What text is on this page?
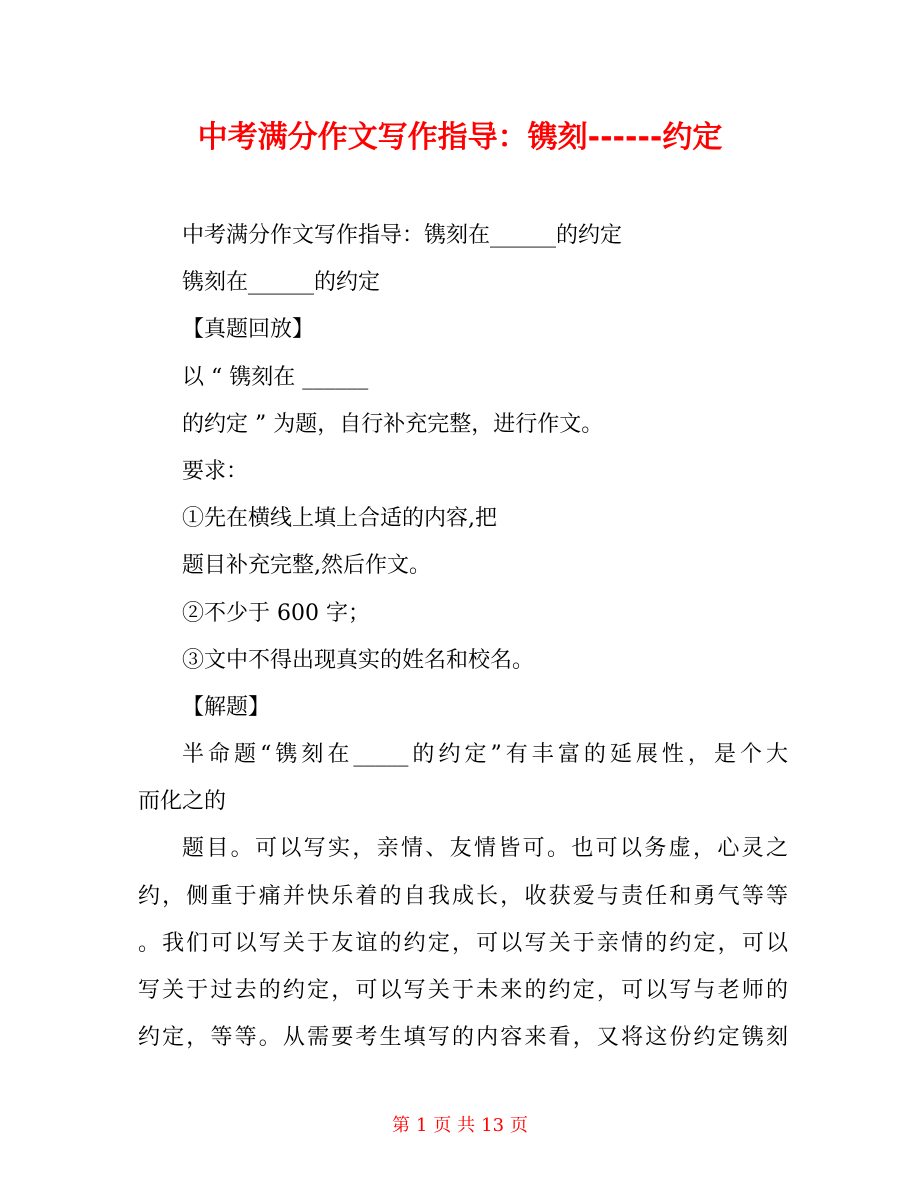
中考满分作文写作指导：镌刻------约定

中考满分作文写作指导：镌刻在______的约定

镌刻在______的约定

【真题回放】

以 “ 镌刻在 ______

的约定 ” 为题，自行补充完整，进行作文。

要求：

①先在横线上填上合适的内容,把

题目补充完整,然后作文。

②不少于 600 字；

③文中不得出现真实的姓名和校名。

【解题】

半命题“镌刻在_____的约定”有丰富的延展性，是个大

而化之的

题目。可以写实，亲情、友情皆可。也可以务虚，心灵之

约，侧重于痛并快乐着的自我成长，收获爱与责任和勇气等等

。我们可以写关于友谊的约定，可以写关于亲情的约定，可以

写关于过去的约定，可以写关于未来的约定，可以写与老师的

约定，等等。从需要考生填写的内容来看，又将这份约定镌刻

第 1 页 共 13 页
